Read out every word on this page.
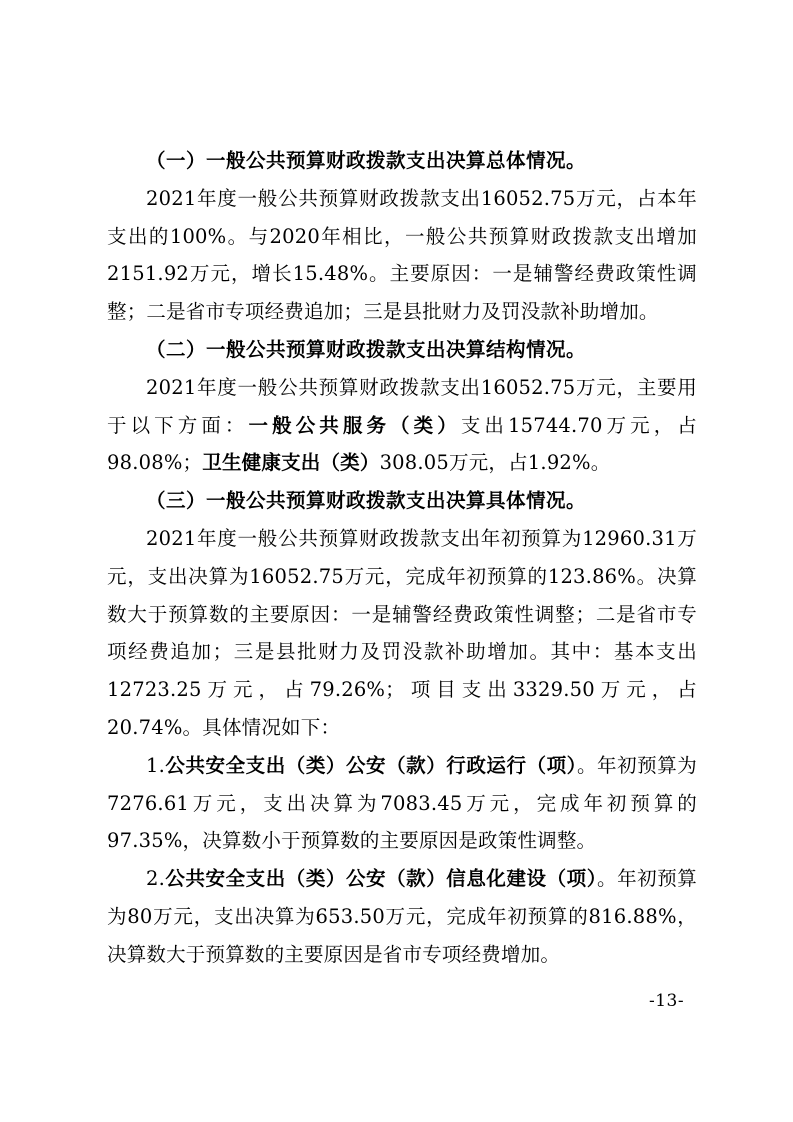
（一）一般公共预算财政拨款支出决算总体情况。

2021年度一般公共预算财政拨款支出16052.75万元，占本年支出的100%。与2020年相比，一般公共预算财政拨款支出增加2151.92万元，增长15.48%。主要原因：一是辅警经费政策性调整；二是省市专项经费追加；三是县批财力及罚没款补助增加。

（二）一般公共预算财政拨款支出决算结构情况。

2021年度一般公共预算财政拨款支出16052.75万元，主要用于以下方面：一般公共服务（类）支出15744.70万元，占98.08%；卫生健康支出（类）308.05万元，占1.92%。

（三）一般公共预算财政拨款支出决算具体情况。

2021年度一般公共预算财政拨款支出年初预算为12960.31万元，支出决算为16052.75万元，完成年初预算的123.86%。决算数大于预算数的主要原因：一是辅警经费政策性调整；二是省市专项经费追加；三是县批财力及罚没款补助增加。其中：基本支出12723.25万元，占79.26%；项目支出3329.50万元，占20.74%。具体情况如下：

1.公共安全支出（类）公安（款）行政运行（项）。年初预算为7276.61万元，支出决算为7083.45万元，完成年初预算的97.35%，决算数小于预算数的主要原因是政策性调整。

2.公共安全支出（类）公安（款）信息化建设（项）。年初预算为80万元，支出决算为653.50万元，完成年初预算的816.88%，决算数大于预算数的主要原因是省市专项经费增加。

-13-
